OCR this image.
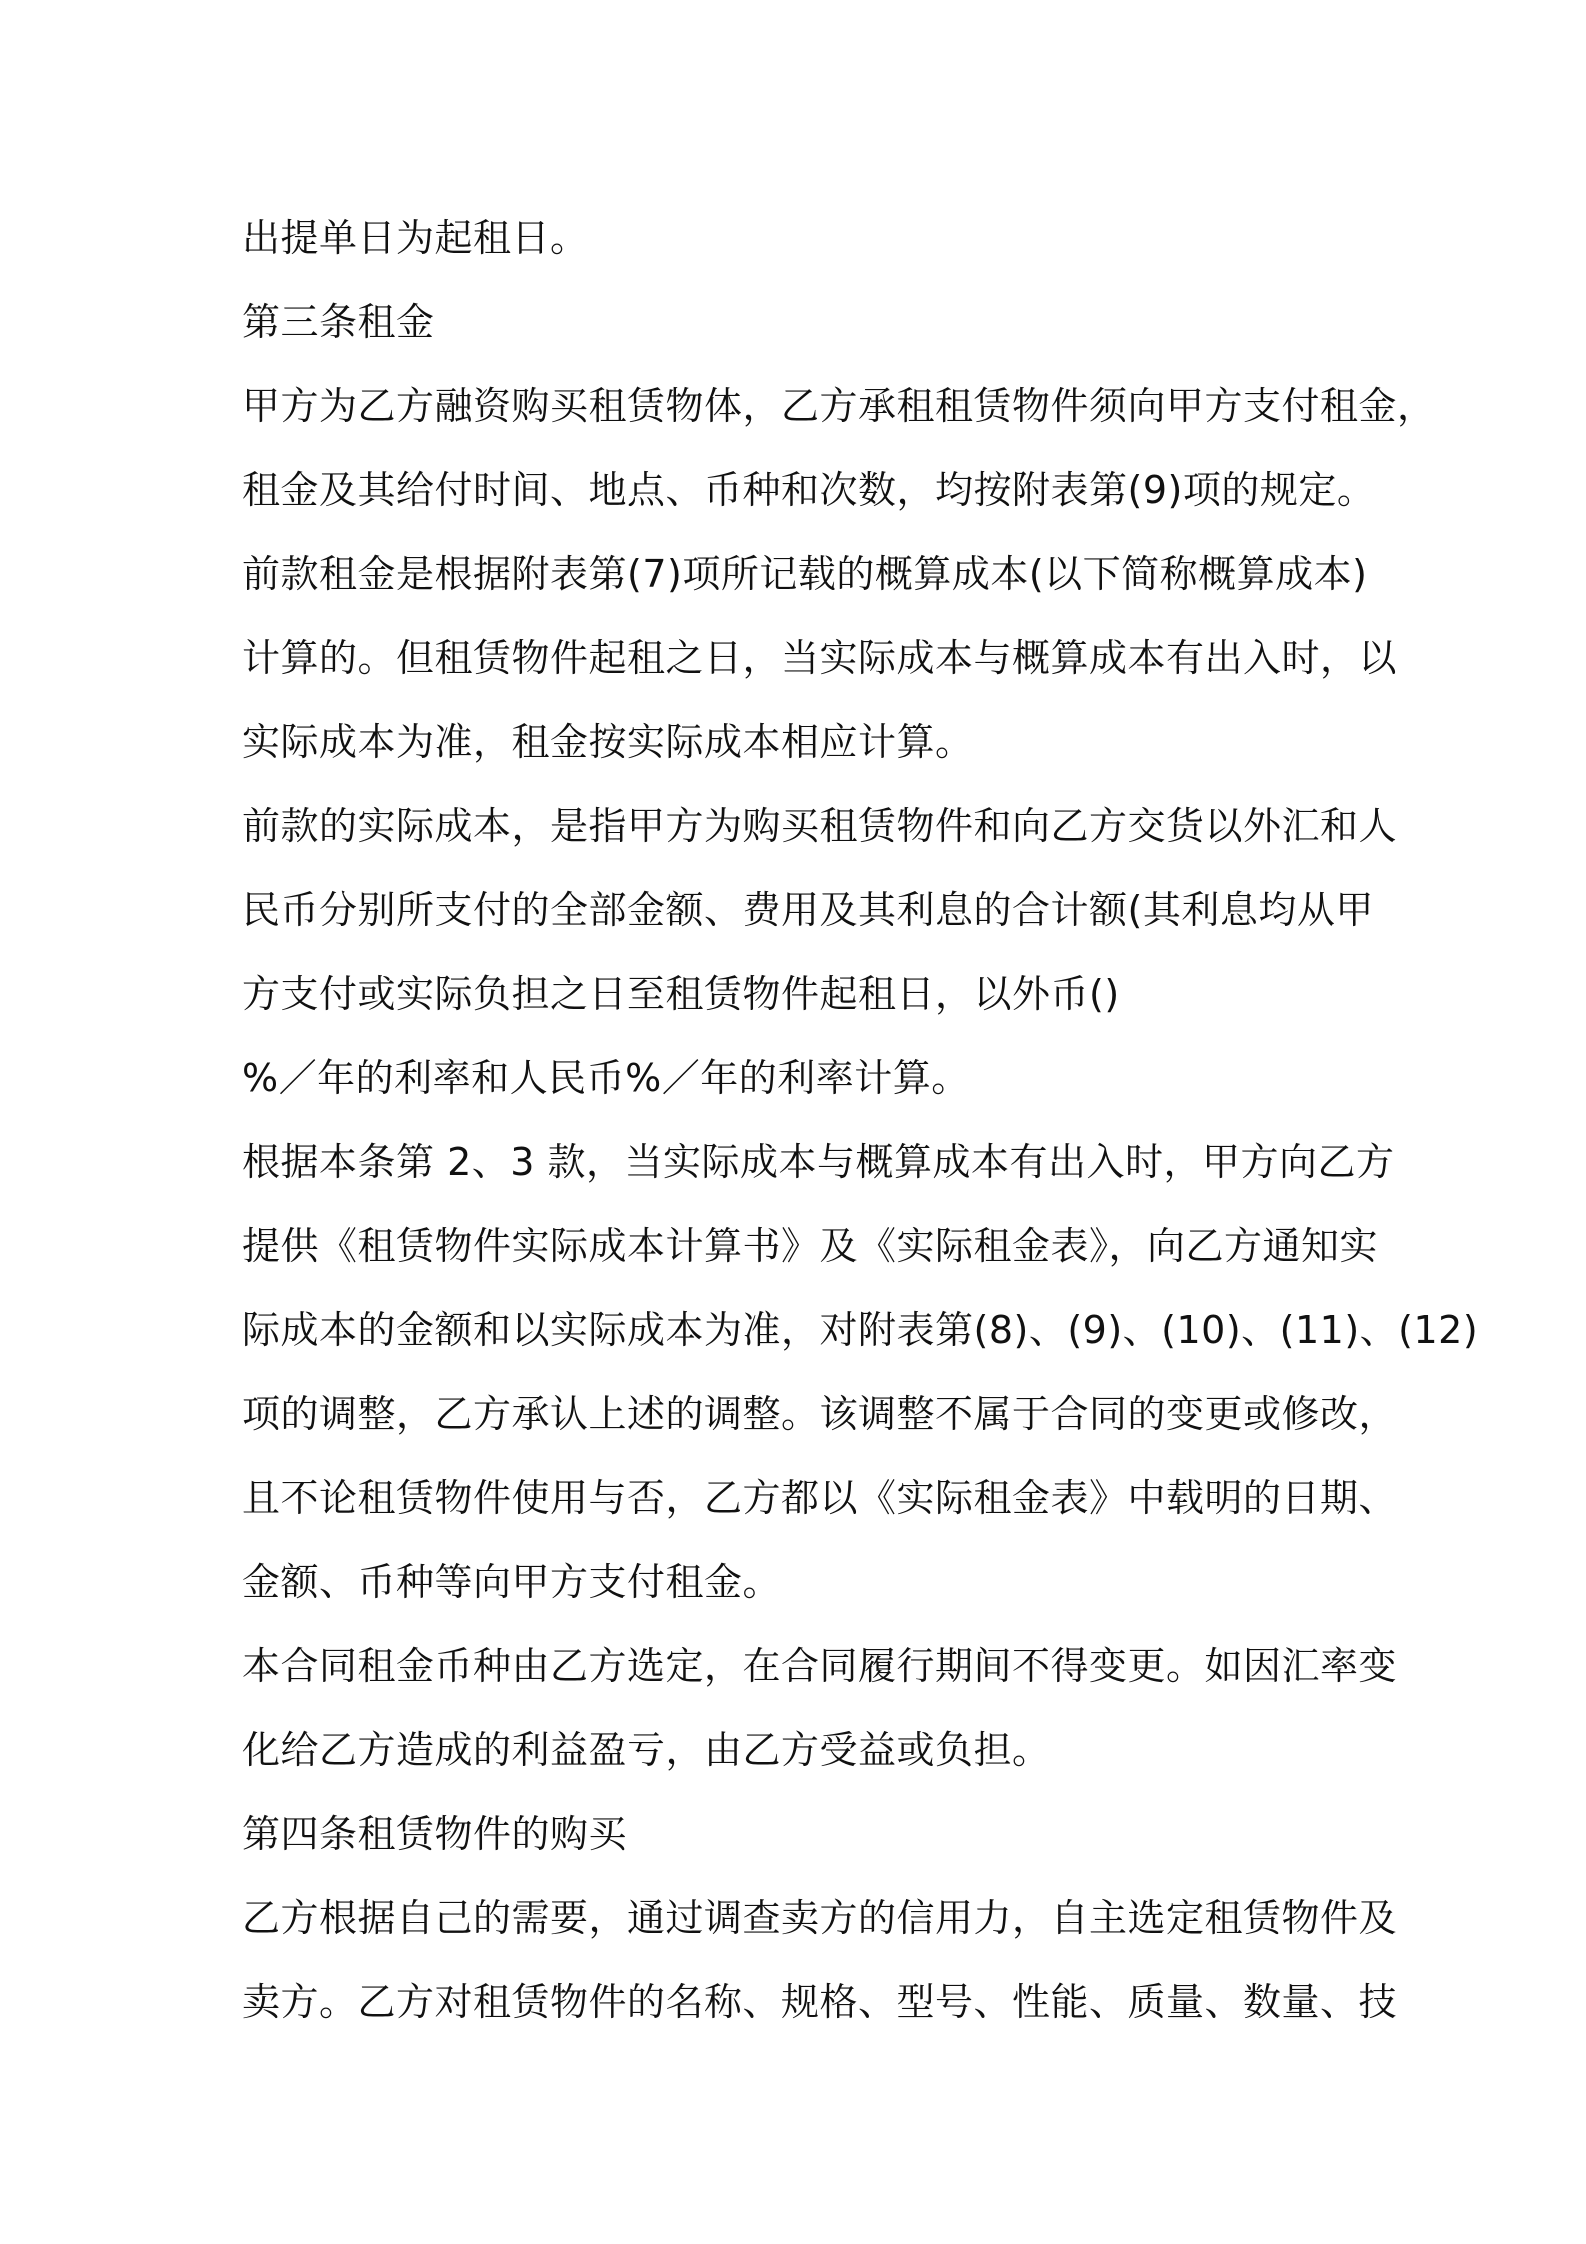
出提单日为起租日。
第三条租金
甲方为乙方融资购买租赁物体，乙方承租租赁物件须向甲方支付租金，
租金及其给付时间、地点、币种和次数，均按附表第(9)项的规定。
前款租金是根据附表第(7)项所记载的概算成本(以下简称概算成本)
计算的。但租赁物件起租之日，当实际成本与概算成本有出入时，以
实际成本为准，租金按实际成本相应计算。
前款的实际成本，是指甲方为购买租赁物件和向乙方交货以外汇和人
民币分别所支付的全部金额、费用及其利息的合计额(其利息均从甲
方支付或实际负担之日至租赁物件起租日，以外币()
%／年的利率和人民币%／年的利率计算。
根据本条第 2、3 款，当实际成本与概算成本有出入时，甲方向乙方
提供《租赁物件实际成本计算书》及《实际租金表》，向乙方通知实
际成本的金额和以实际成本为准，对附表第(8)、(9)、(10)、(11)、(12)
项的调整，乙方承认上述的调整。该调整不属于合同的变更或修改，
且不论租赁物件使用与否，乙方都以《实际租金表》中载明的日期、
金额、币种等向甲方支付租金。
本合同租金币种由乙方选定，在合同履行期间不得变更。如因汇率变
化给乙方造成的利益盈亏，由乙方受益或负担。
第四条租赁物件的购买
乙方根据自己的需要，通过调查卖方的信用力，自主选定租赁物件及
卖方。乙方对租赁物件的名称、规格、型号、性能、质量、数量、技
